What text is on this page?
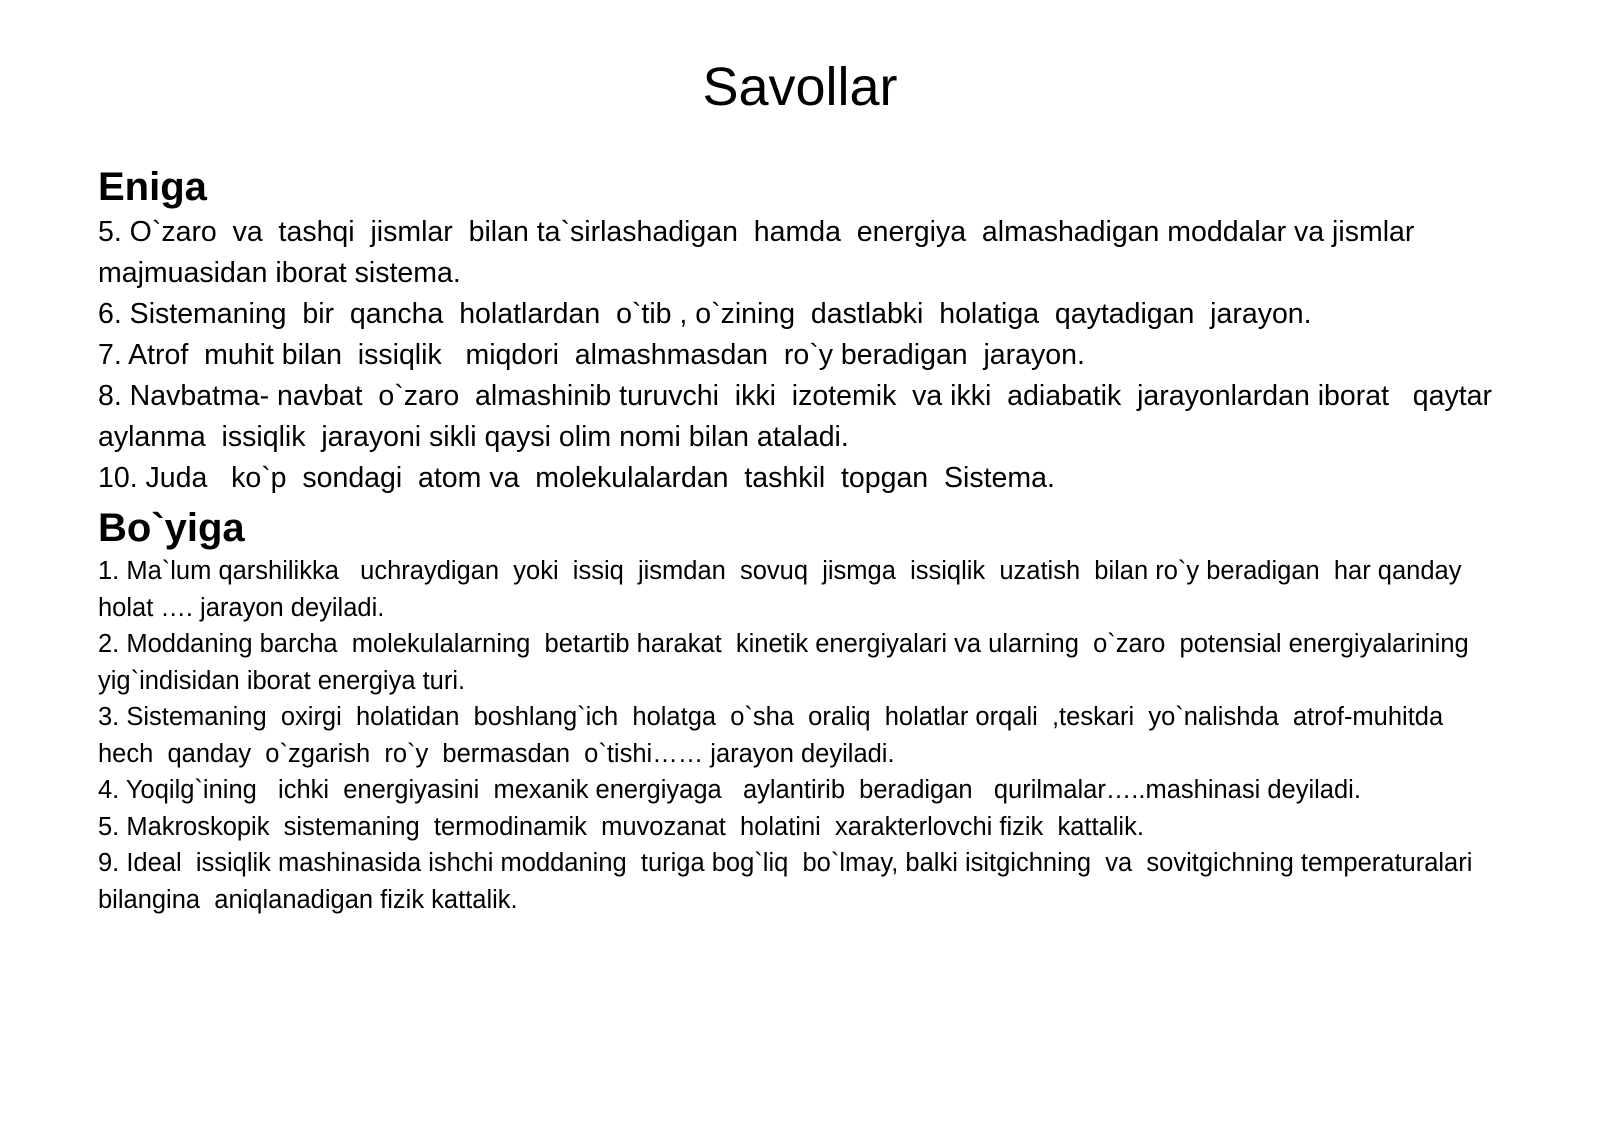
Savollar
Eniga
5. O`zaro  va  tashqi  jismlar  bilan ta`sirlashadigan  hamda  energiya  almashadigan moddalar va jismlar  majmuasidan iborat sistema.
6. Sistemaning  bir  qancha  holatlardan  o`tib , o`zining  dastlabki  holatiga  qaytadigan  jarayon.
7. Atrof  muhit bilan  issiqlik   miqdori  almashmasdan  ro`y beradigan  jarayon.
8. Navbatma- navbat  o`zaro  almashinib turuvchi  ikki  izotemik  va ikki  adiabatik  jarayonlardan iborat   qaytar  aylanma  issiqlik  jarayoni sikli qaysi olim nomi bilan ataladi.
10. Juda   ko`p  sondagi  atom va  molekulalardan  tashkil  topgan  Sistema.
Bo`yiga
1. Ma`lum qarshilikka   uchraydigan  yoki  issiq  jismdan  sovuq  jismga  issiqlik  uzatish  bilan ro`y beradigan  har qanday  holat …. jarayon deyiladi.
2. Moddaning barcha  molekulalarning  betartib harakat  kinetik energiyalari va ularning  o`zaro  potensial energiyalarining  yig`indisidan iborat energiya turi.
3. Sistemaning  oxirgi  holatidan  boshlang`ich  holatga  o`sha  oraliq  holatlar orqali  ,teskari  yo`nalishda  atrof-muhitda  hech  qanday  o`zgarish  ro`y  bermasdan  o`tishi…… jarayon deyiladi.
4. Yoqilg`ining   ichki  energiyasini  mexanik energiyaga   aylantirib  beradigan   qurilmalar…..mashinasi deyiladi.
5. Makroskopik  sistemaning  termodinamik  muvozanat  holatini  xarakterlovchi fizik  kattalik.
9. Ideal  issiqlik mashinasida ishchi moddaning  turiga bog`liq  bo`lmay, balki isitgichning  va  sovitgichning temperaturalari  bilangina  aniqlanadigan fizik kattalik.
